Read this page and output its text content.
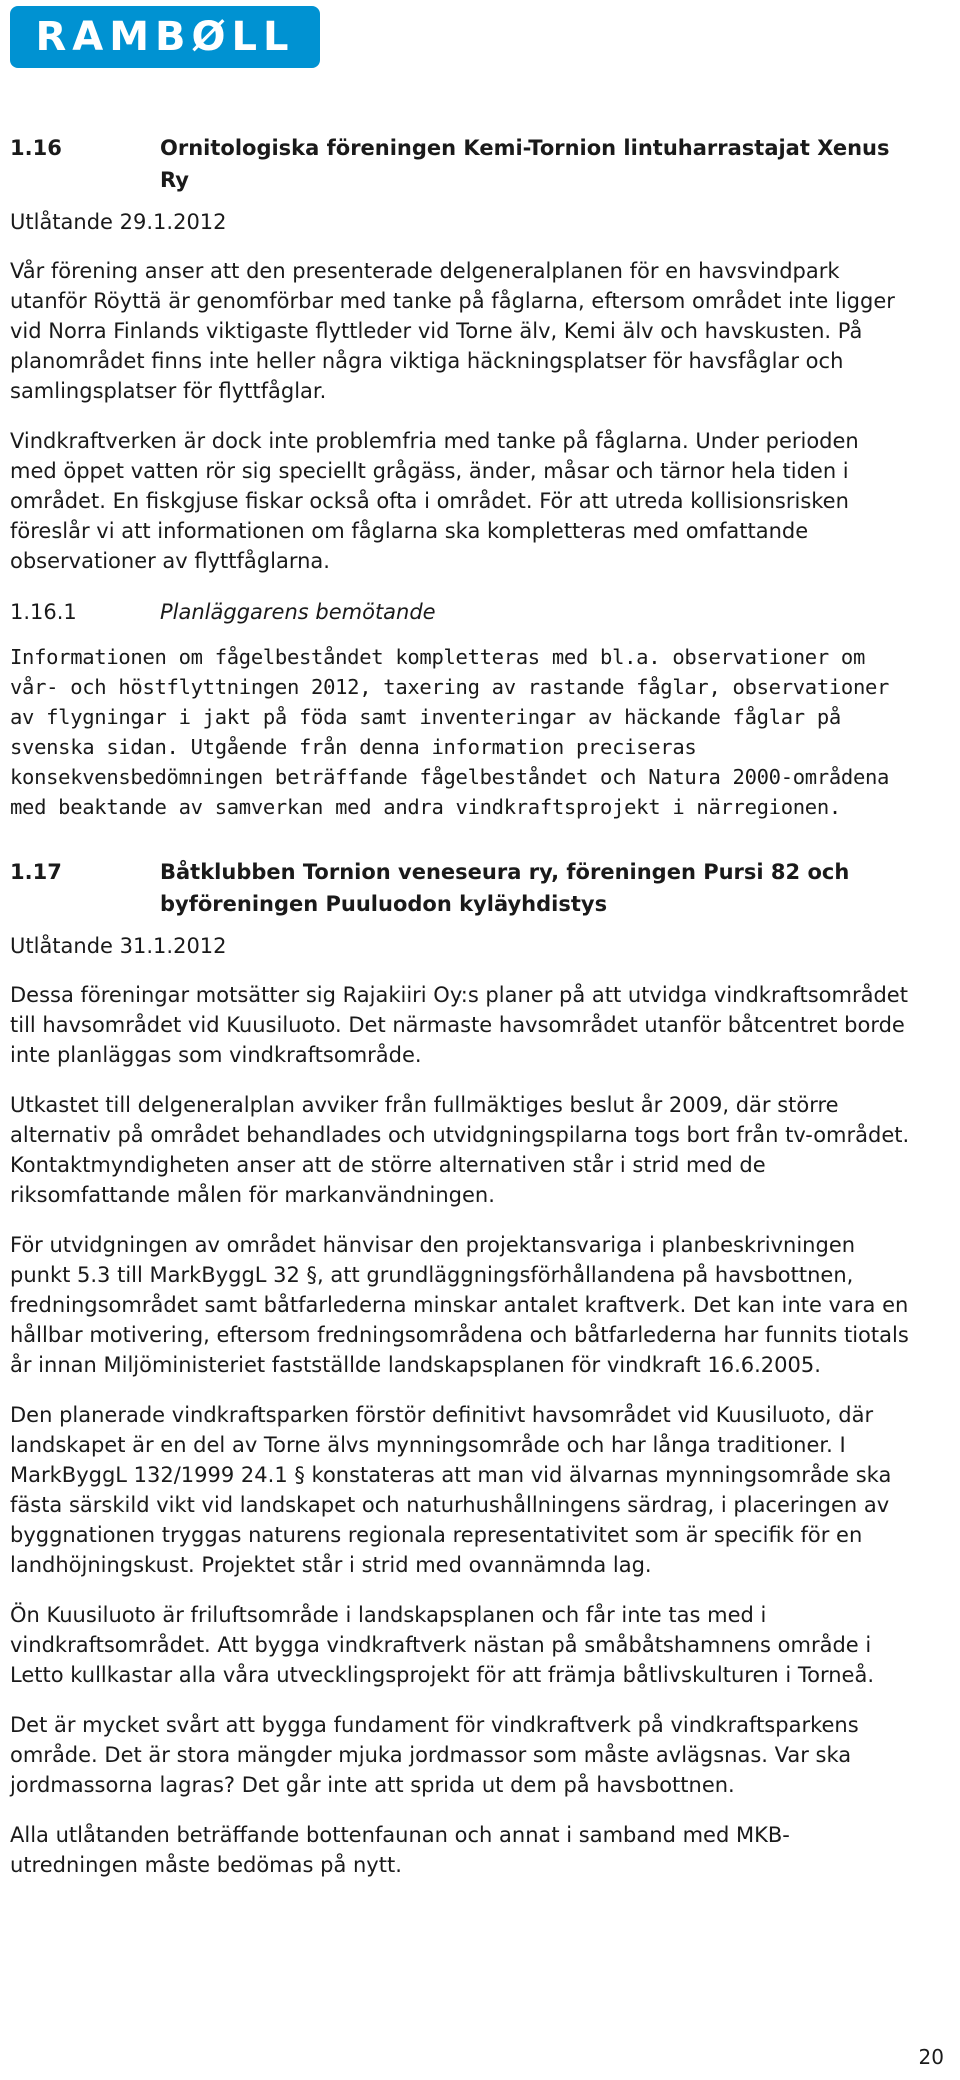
RAMBØLL
1.16	Ornitologiska föreningen Kemi-Tornion lintuharrastajat Xenus Ry
Utlåtande 29.1.2012

Vår förening anser att den presenterade delgeneralplanen för en havsvindpark utanför Röyttä är genomförbar med tanke på fåglarna, eftersom området inte ligger vid Norra Finlands viktigaste flyttleder vid Torne älv, Kemi älv och havskusten. På planområdet finns inte heller några viktiga häckningsplatser för havsfåglar och samlingsplatser för flyttfåglar.

Vindkraftverken är dock inte problemfria med tanke på fåglarna. Under perioden med öppet vatten rör sig speciellt grågäss, änder, måsar och tärnor hela tiden i området. En fiskgjuse fiskar också ofta i området. För att utreda kollisionsrisken föreslår vi att informationen om fåglarna ska kompletteras med omfattande observationer av flyttfåglarna.

1.16.1	Planläggarens bemötande

Informationen om fågelbeståndet kompletteras med bl.a. observationer om vår- och höstflyttningen 2012, taxering av rastande fåglar, observationer av flygningar i jakt på föda samt inventeringar av häckande fåglar på svenska sidan. Utgående från denna information preciseras konsekvensbedömningen beträffande fågelbeståndet och Natura 2000-områdena med beaktande av samverkan med andra vindkraftsprojekt i närregionen.

1.17	Båtklubben Tornion veneseura ry, föreningen Pursi 82 och byföreningen Puuluodon kyläyhdistys
Utlåtande 31.1.2012

Dessa föreningar motsätter sig Rajakiiri Oy:s planer på att utvidga vindkraftsområdet till havsområdet vid Kuusiluoto. Det närmaste havsområdet utanför båtcentret borde inte planläggas som vindkraftsområde.

Utkastet till delgeneralplan avviker från fullmäktiges beslut år 2009, där större alternativ på området behandlades och utvidgningspilarna togs bort från tv-området. Kontaktmyndigheten anser att de större alternativen står i strid med de riksomfattande målen för markanvändningen.

För utvidgningen av området hänvisar den projektansvariga i planbeskrivningen punkt 5.3 till MarkByggL 32 §, att grundläggningsförhållandena på havsbottnen, fredningsområdet samt båtfarlederna minskar antalet kraftverk. Det kan inte vara en hållbar motivering, eftersom fredningsområdena och båtfarlederna har funnits tiotals år innan Miljöministeriet fastställde landskapsplanen för vindkraft 16.6.2005.

Den planerade vindkraftsparken förstör definitivt havsområdet vid Kuusiluoto, där landskapet är en del av Torne älvs mynningsområde och har långa traditioner. I MarkByggL 132/1999 24.1 § konstateras att man vid älvarnas mynningsområde ska fästa särskild vikt vid landskapet och naturhushållningens särdrag, i placeringen av byggnationen tryggas naturens regionala representativitet som är specifik för en landhöjningskust. Projektet står i strid med ovannämnda lag.

Ön Kuusiluoto är friluftsområde i landskapsplanen och får inte tas med i vindkraftsområdet. Att bygga vindkraftverk nästan på småbåtshamnens område i Letto kullkastar alla våra utvecklingsprojekt för att främja båtlivskulturen i Torneå.

Det är mycket svårt att bygga fundament för vindkraftverk på vindkraftsparkens område. Det är stora mängder mjuka jordmassor som måste avlägsnas. Var ska jordmassorna lagras? Det går inte att sprida ut dem på havsbottnen.

Alla utlåtanden beträffande bottenfaunan och annat i samband med MKB-utredningen måste bedömas på nytt.

20
